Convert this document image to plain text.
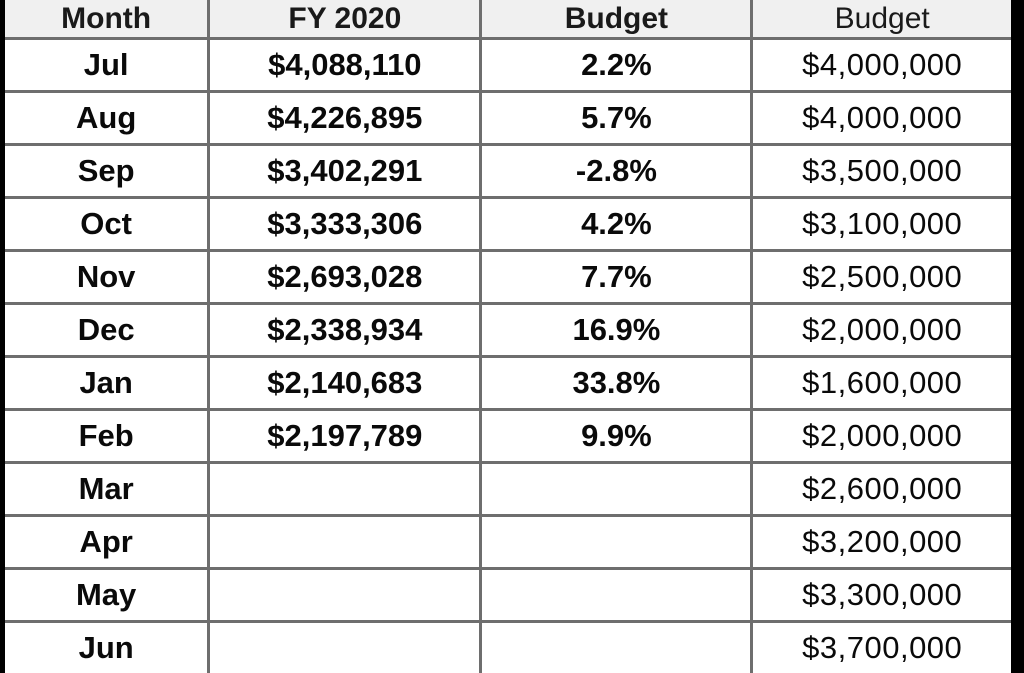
Month	FY 2020	Budget	Budget
Jul	$4,088,110	2.2%	$4,000,000
Aug	$4,226,895	5.7%	$4,000,000
Sep	$3,402,291	-2.8%	$3,500,000
Oct	$3,333,306	4.2%	$3,100,000
Nov	$2,693,028	7.7%	$2,500,000
Dec	$2,338,934	16.9%	$2,000,000
Jan	$2,140,683	33.8%	$1,600,000
Feb	$2,197,789	9.9%	$2,000,000
Mar			$2,600,000
Apr			$3,200,000
May			$3,300,000
Jun			$3,700,000
